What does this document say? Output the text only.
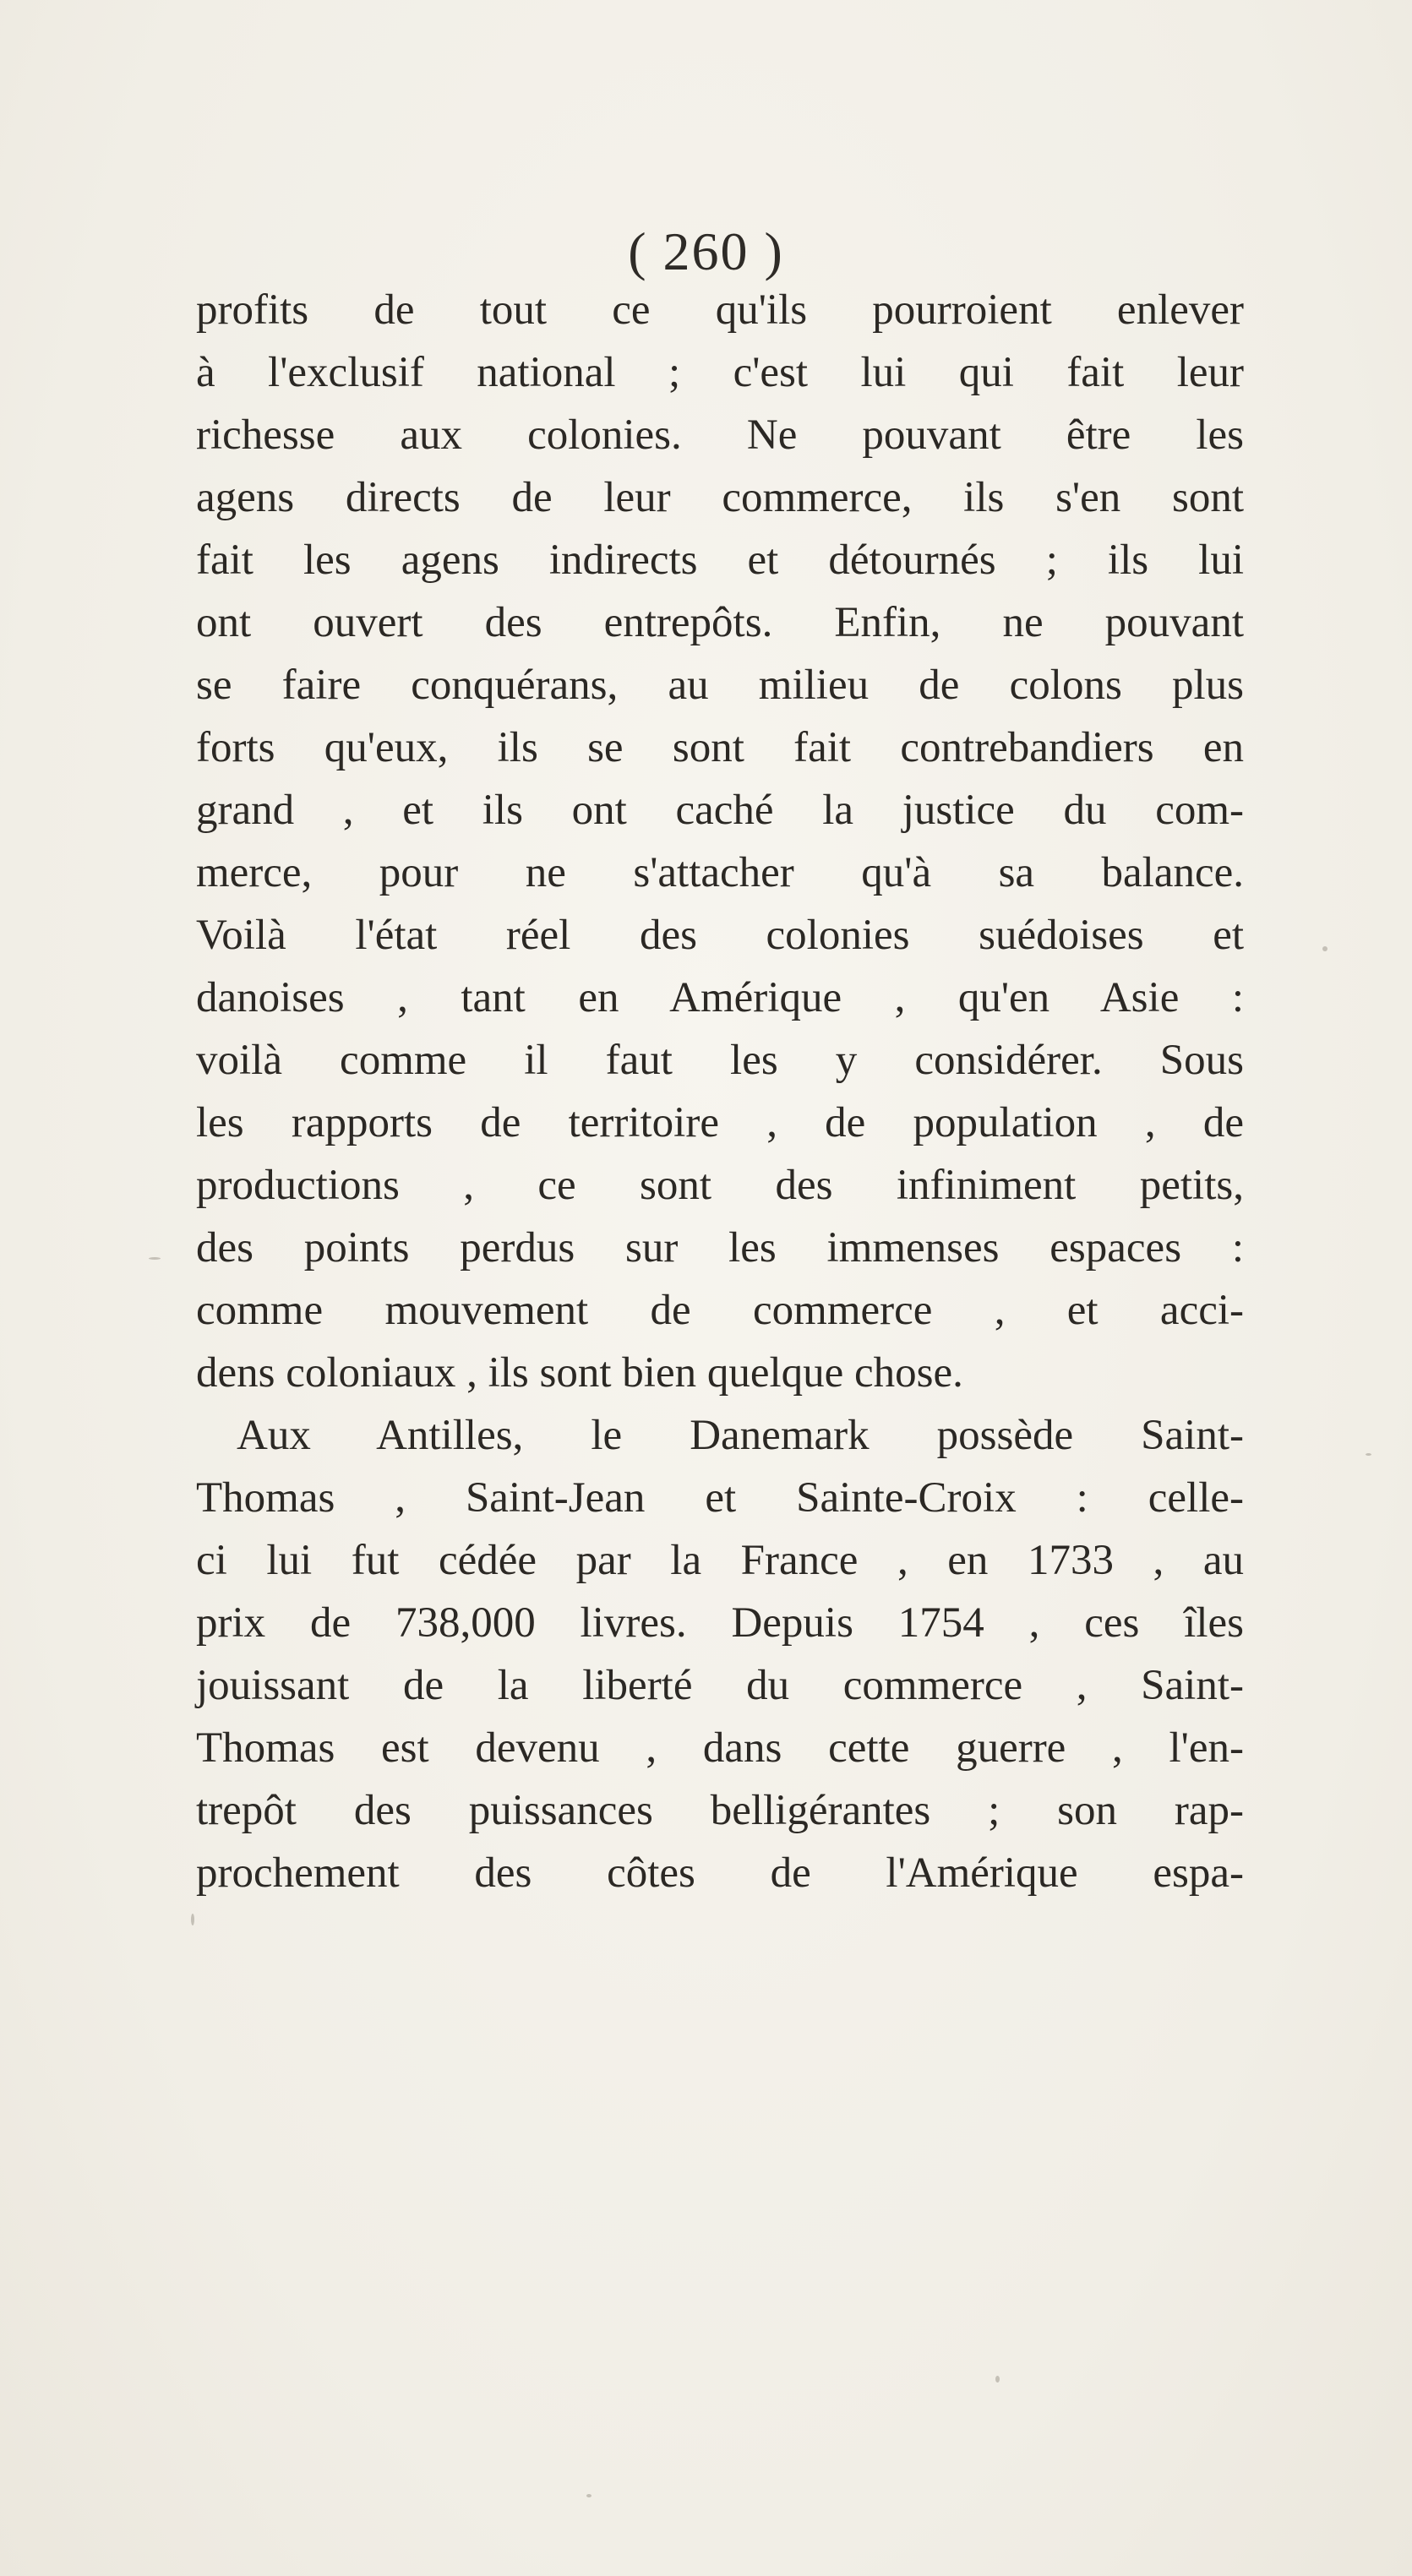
( 260 )
profits de tout ce qu'ils pourroient enlever
à l'exclusif national ; c'est lui qui fait leur
richesse aux colonies. Ne pouvant être les
agens directs de leur commerce, ils s'en sont
fait les agens indirects et détournés ; ils lui
ont ouvert des entrepôts. Enfin, ne pouvant
se faire conquérans, au milieu de colons plus
forts qu'eux, ils se sont fait contrebandiers en
grand , et ils ont caché la justice du com-
merce, pour ne s'attacher qu'à sa balance.
Voilà l'état réel des colonies suédoises et
danoises , tant en Amérique , qu'en Asie :
voilà comme il faut les y considérer. Sous
les rapports de territoire , de population , de
productions , ce sont des infiniment petits,
des points perdus sur les immenses espaces :
comme mouvement de commerce , et acci-
dens coloniaux , ils sont bien quelque chose.
Aux Antilles, le Danemark possède Saint-
Thomas , Saint-Jean et Sainte-Croix : celle-
ci lui fut cédée par la France , en 1733 , au
prix de 738,000 livres. Depuis 1754 , ces îles
jouissant de la liberté du commerce , Saint-
Thomas est devenu , dans cette guerre , l'en-
trepôt des puissances belligérantes ; son rap-
prochement des côtes de l'Amérique espa-
